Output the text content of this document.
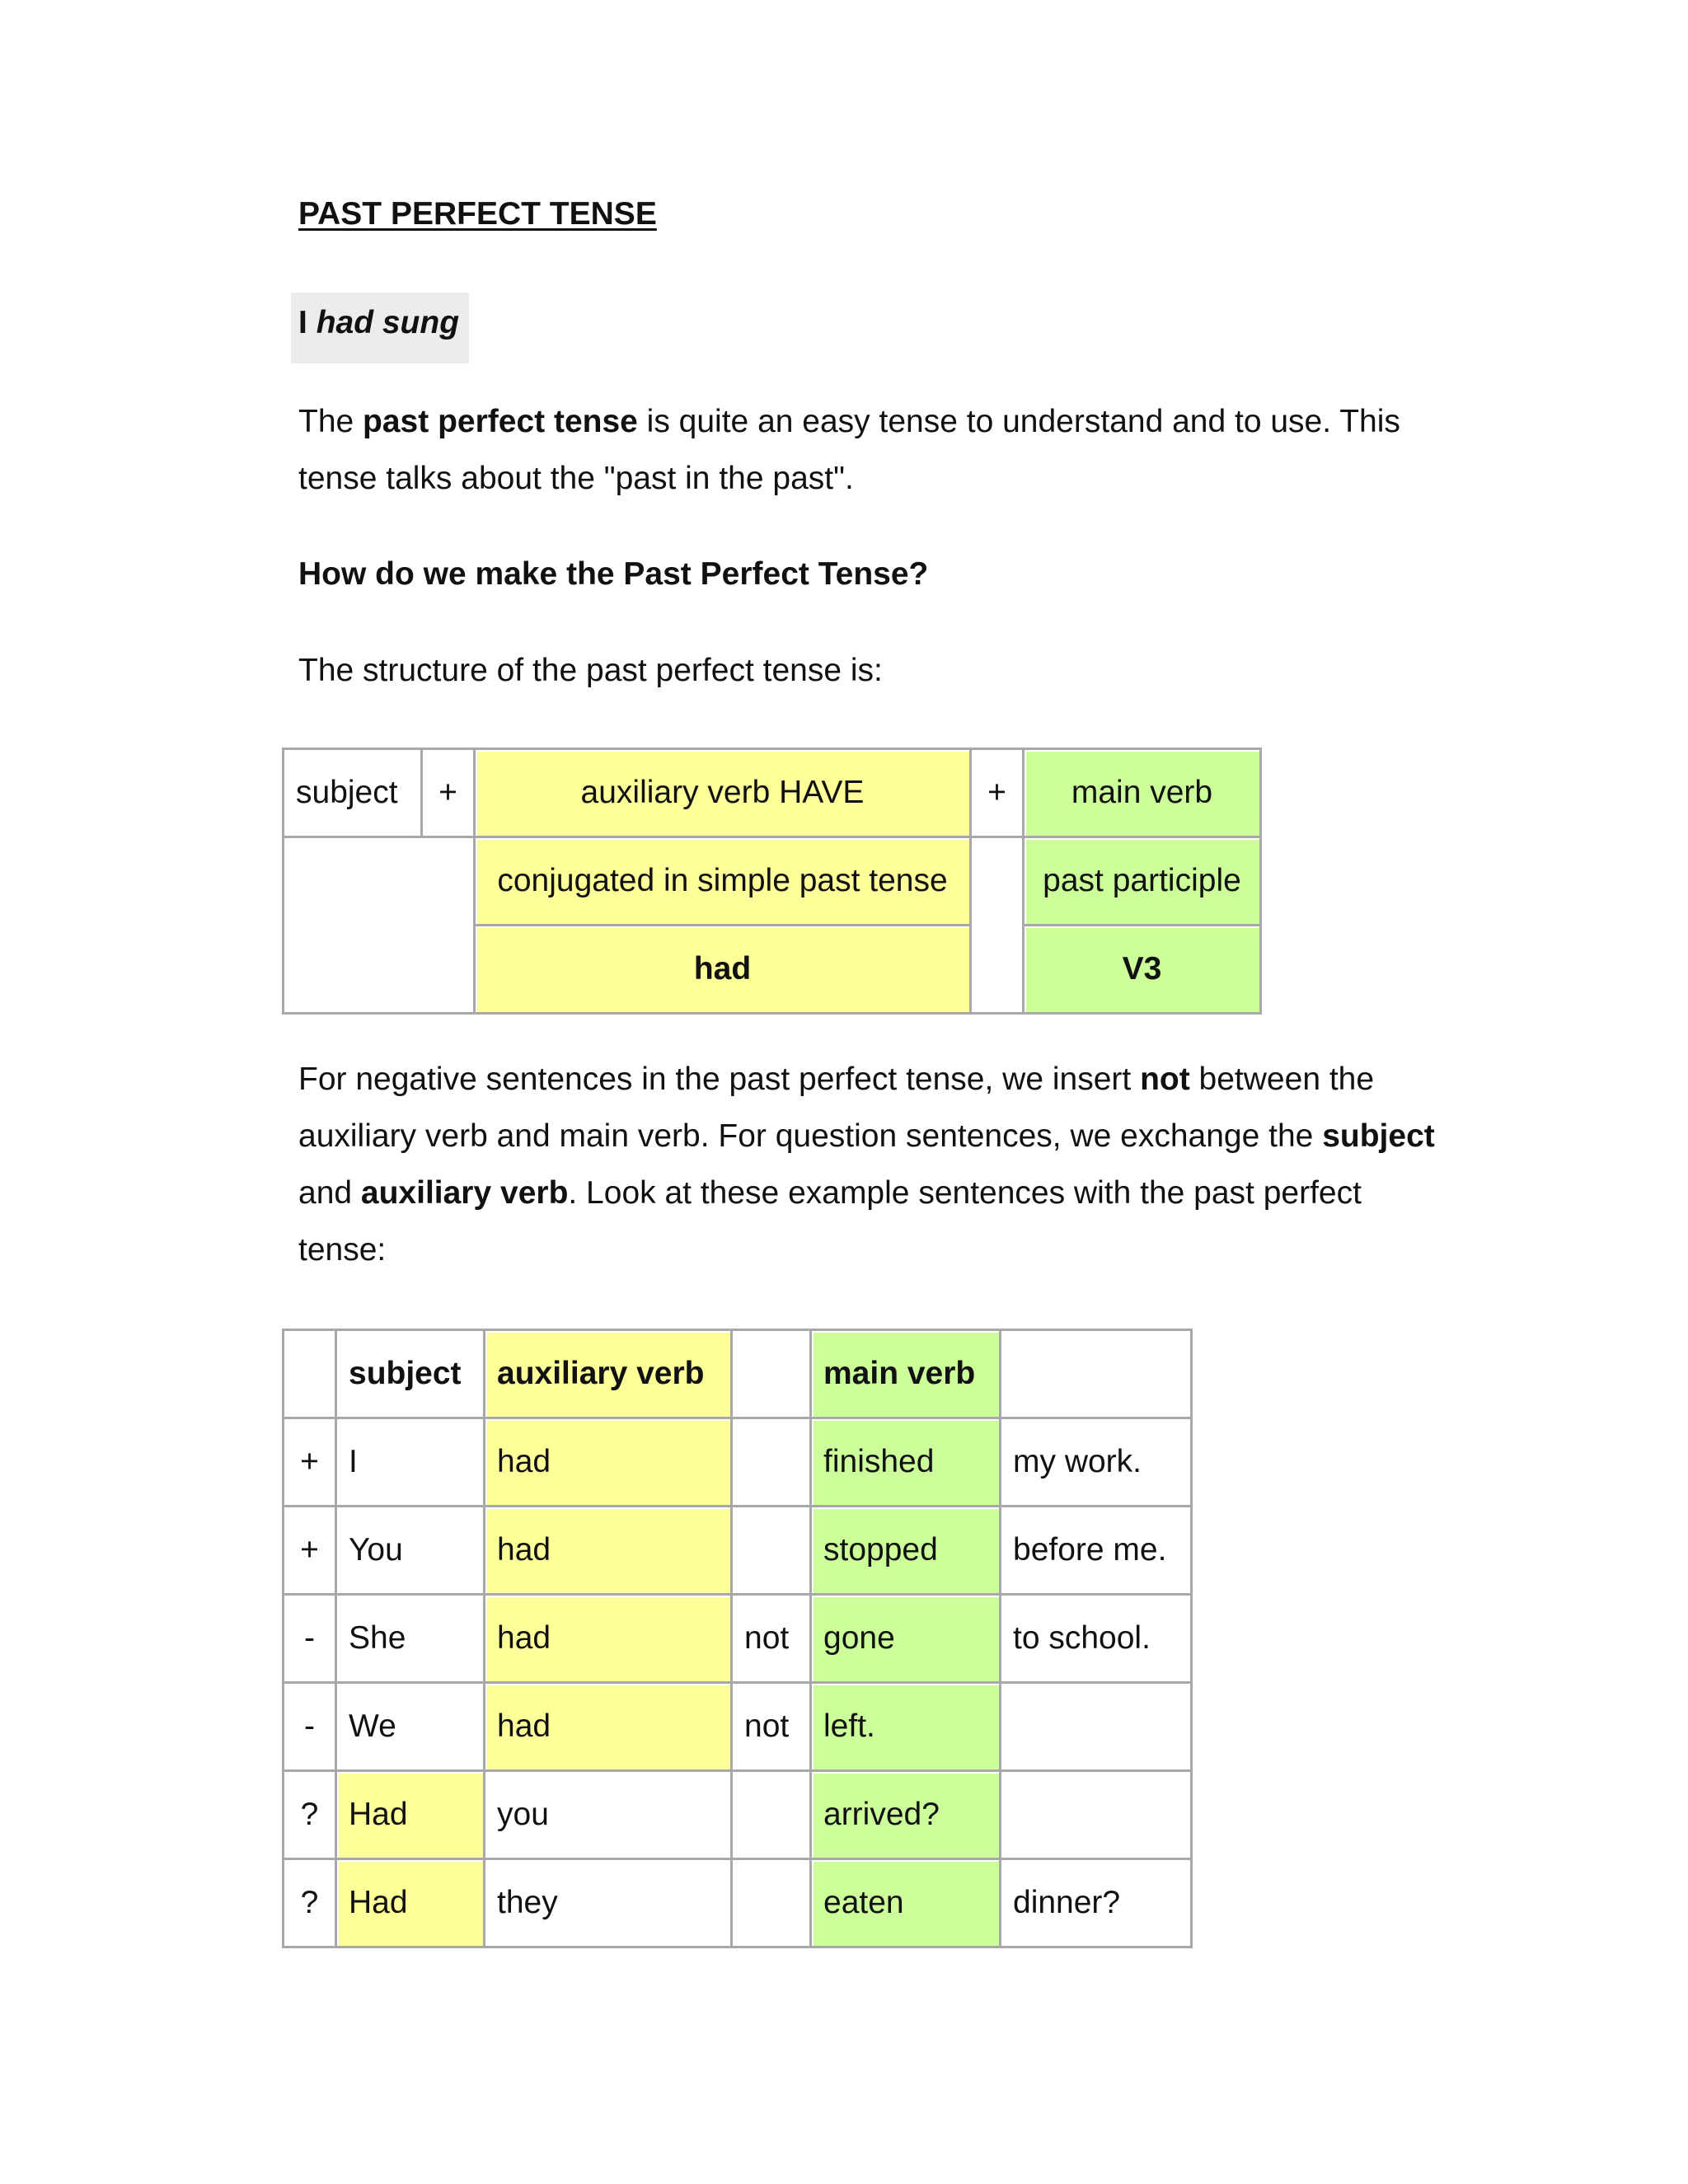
PAST PERFECT TENSE
I had sung

The past perfect tense is quite an easy tense to understand and to use. This

tense talks about the "past in the past".

How do we make the Past Perfect Tense?

The structure of the past perfect tense is:

subject	+	auxiliary verb HAVE	+	main verb
		conjugated in simple past tense		past participle
		had		V3

For negative sentences in the past perfect tense, we insert not between the

auxiliary verb and main verb. For question sentences, we exchange the subject

and auxiliary verb. Look at these example sentences with the past perfect

tense:

	subject	auxiliary verb		main verb	
+	I	had		finished	my work.
+	You	had		stopped	before me.
-	She	had	not	gone	to school.
-	We	had	not	left.	
?	Had	you		arrived?	
?	Had	they		eaten	dinner?
